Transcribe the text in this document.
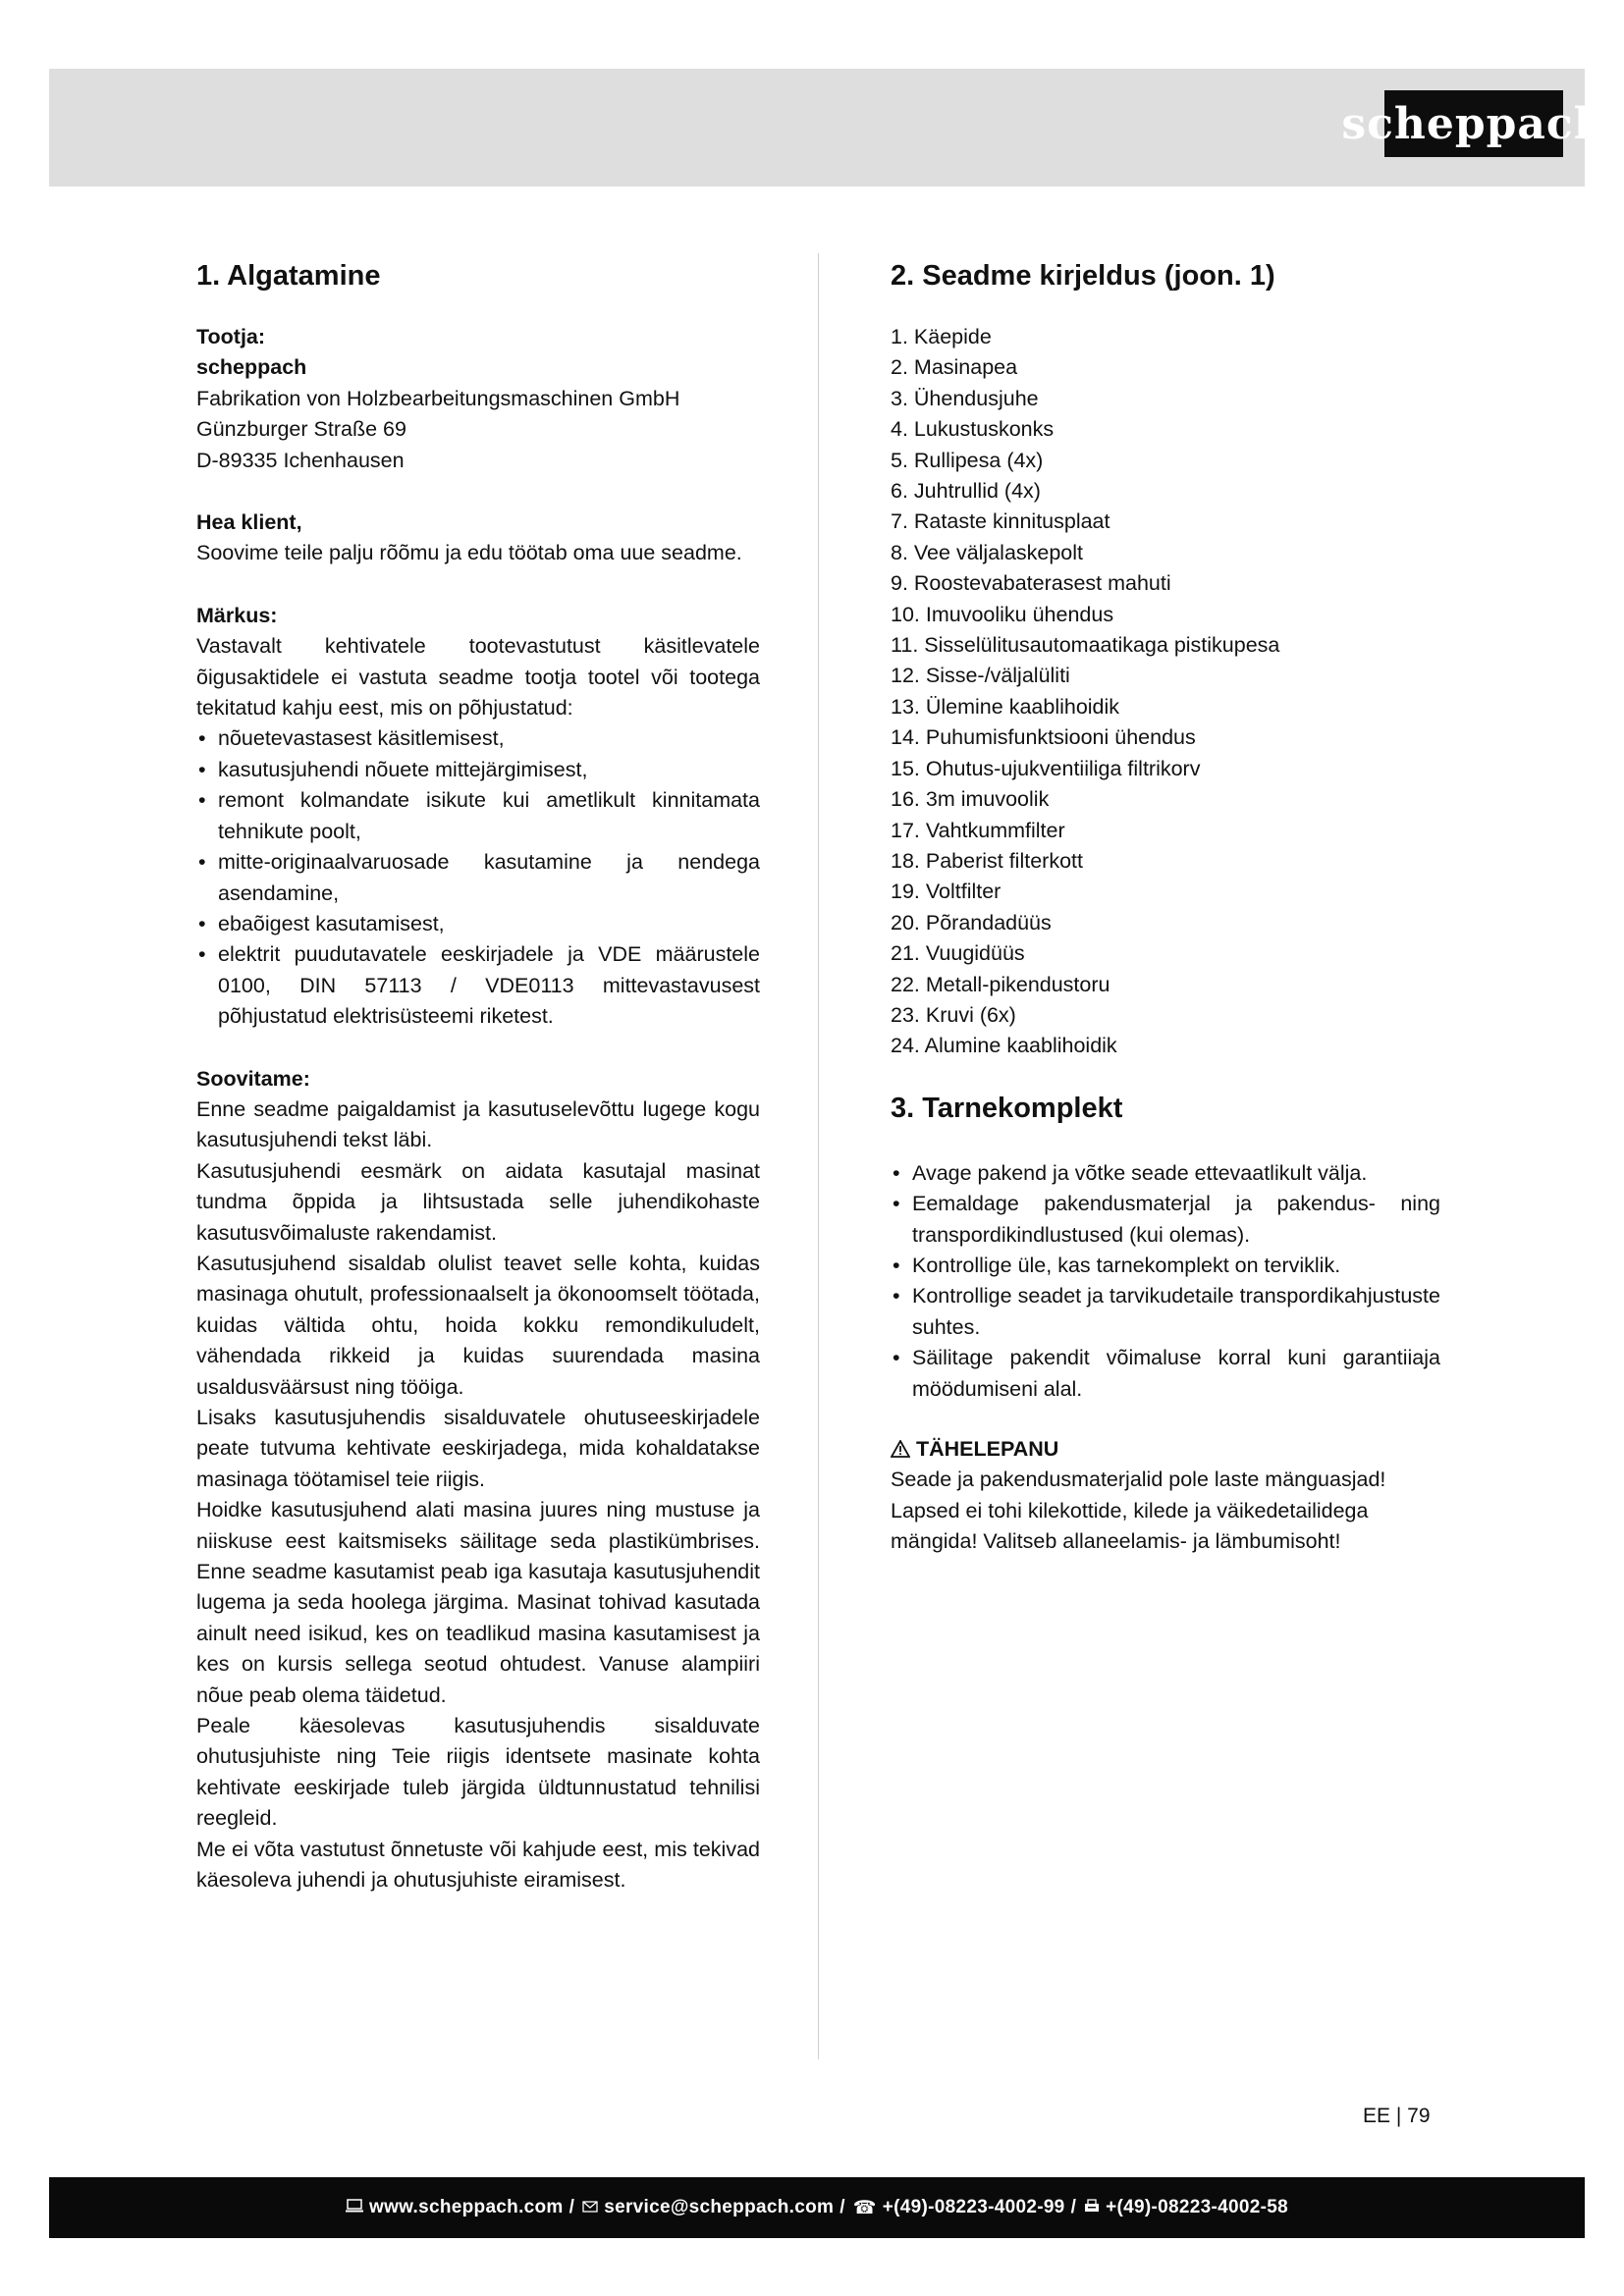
scheppach
1. Algatamine
Tootja:
scheppach
Fabrikation von Holzbearbeitungsmaschinen GmbH
Günzburger Straße 69
D-89335 Ichenhausen
Hea klient,

Soovime teile palju rõõmu ja edu töötab oma uue seadme.

Märkus:

Vastavalt kehtivatele tootevastutust käsitlevatele õigusaktidele ei vastuta seadme tootja tootel või tootega tekitatud kahju eest, mis on põhjustatud:

• nõuetevastasest käsitlemisest,
• kasutusjuhendi nõuete mittejärgimisest,
• remont kolmandate isikute kui ametlikult kinnitamata tehnikute poolt,
• mitte-originaalvaruosade kasutamine ja nendega asendamine,
• ebaõigest kasutamisest,
• elektrit puudutavatele eeskirjadele ja VDE määrustele 0100, DIN 57113 / VDE0113 mittevastavusest põhjustatud elektrisüsteemi riketest.
Soovitame:

Enne seadme paigaldamist ja kasutuselevõttu lugege kogu kasutusjuhendi tekst läbi.

Kasutusjuhendi eesmärk on aidata kasutajal masinat tundma õppida ja lihtsustada selle juhendikohaste kasutusvõimaluste rakendamist.

Kasutusjuhend sisaldab olulist teavet selle kohta, kuidas masinaga ohutult, professionaalselt ja ökonoomselt töötada, kuidas vältida ohtu, hoida kokku remondikuludelt, vähendada rikkeid ja kuidas suurendada masina usaldusväärsust ning tööiga.

Lisaks kasutusjuhendis sisalduvatele ohutuseeskirjadele peate tutvuma kehtivate eeskirjadega, mida kohaldatakse masinaga töötamisel teie riigis.

Hoidke kasutusjuhend alati masina juures ning mustuse ja niiskuse eest kaitsmiseks säilitage seda plastikümbrises. Enne seadme kasutamist peab iga kasutaja kasutusjuhendit lugema ja seda hoolega järgima. Masinat tohivad kasutada ainult need isikud, kes on teadlikud masina kasutamisest ja kes on kursis sellega seotud ohtudest. Vanuse alampiiri nõue peab olema täidetud.

Peale käesolevas kasutusjuhendis sisalduvate ohutusjuhiste ning Teie riigis identsete masinate kohta kehtivate eeskirjade tuleb järgida üldtunnustatud tehnilisi reegleid.

Me ei võta vastutust õnnetuste või kahjude eest, mis tekivad käesoleva juhendi ja ohutusjuhiste eiramisest.

2. Seadme kirjeldus (joon. 1)
1. Käepide
2. Masinapea
3. Ühendusjuhe
4. Lukustuskonks
5. Rullipesa (4x)
6. Juhtrullid (4x)
7. Rataste kinnitusplaat
8. Vee väljalaskepolt
9. Roostevabaterasest mahuti
10. Imuvooliku ühendus
11. Sisselülitusautomaatikaga pistikupesa
12. Sisse-/väljalüliti
13. Ülemine kaablihoidik
14. Puhumisfunktsiooni ühendus
15. Ohutus-ujukventiiliga filtrikorv
16. 3m imuvoolik
17. Vahtkummfilter
18. Paberist filterkott
19. Voltfilter
20. Põrandadüüs
21. Vuugidüüs
22. Metall-pikendustoru
23. Kruvi (6x)
24. Alumine kaablihoidik
3. Tarnekomplekt
• Avage pakend ja võtke seade ettevaatlikult välja.
• Eemaldage pakendusmaterjal ja pakendus- ning transpordikindlustused (kui olemas).
• Kontrollige üle, kas tarnekomplekt on terviklik.
• Kontrollige seadet ja tarvikudetaile transpordikahjustuste suhtes.
• Säilitage pakendit võimaluse korral kuni garantiiaja möödumiseni alal.
TÄHELEPANU

Seade ja pakendusmaterjalid pole laste mänguasjad! Lapsed ei tohi kilekottide, kilede ja väikedetailidega mängida! Valitseb allaneelamis- ja lämbumisoht!

EE | 79
www.scheppach.com / service@scheppach.com / ☎ +(49)-08223-4002-99 / +(49)-08223-4002-58
